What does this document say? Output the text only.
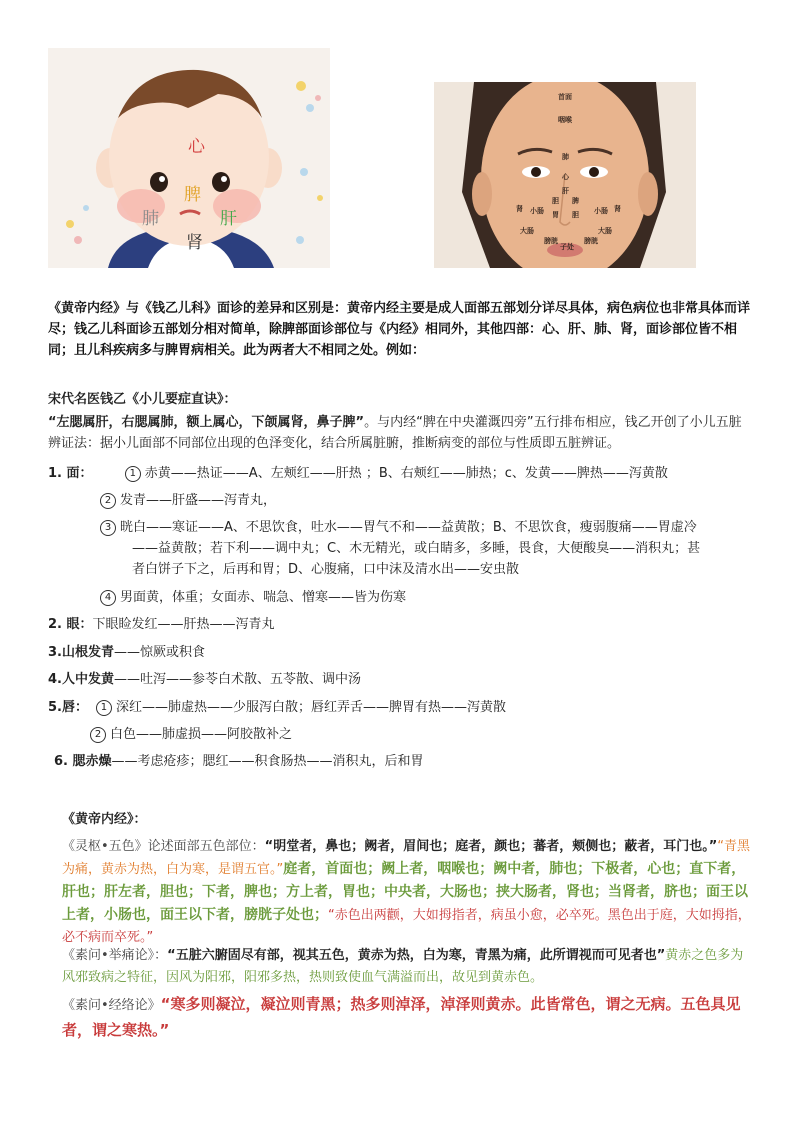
心
脾
肺	肝
肾
首面
咽喉
肺
心
肝
胆 脾
小肠 胃	小肠
肾
大肠
膀胱
大肠
膀胱
肾
胆
子处
《黄帝内经》与《钱乙儿科》面诊的差异和区别是：黄帝内经主要是成人面部五部划分详尽具体，病色病位也非常具体而详尽；钱乙儿科面诊五部划分相对简单，除脾部面诊部位与《内经》相同外，其他四部：心、肝、肺、肾，面诊部位皆不相同；且儿科疾病多与脾胃病相关。此为两者大不相同之处。例如：
宋代名医钱乙《小儿要症直诀》：
“左腮属肝，右腮属肺，额上属心，下颌属肾，鼻子脾”。与内经“脾在中央灌溉四旁”五行排布相应，钱乙开创了小儿五脏辨证法：据小儿面部不同部位出现的色泽变化，结合所属脏腑，推断病变的部位与性质即五脏辨证。
1. 面：	1 赤黄——热证——A、左颊红——肝热 ；B、右颊红——肺热；c、发黄——脾热——泻黄散
2 发青——肝盛——泻青丸，
3 晄白——寒证——A、不思饮食，吐水——胃气不和——益黄散；B、不思饮食，瘦弱腹痛——胃虚冷
——益黄散；若下利——调中丸；C、木无精光，或白睛多，多睡，畏食，大便酸臭——消积丸；甚
者白饼子下之，后再和胃；D、心腹痛，口中沫及清水出——安虫散
4 男面黄，体重；女面赤、喘急、憎寒——皆为伤寒
2. 眼：下眼睑发红——肝热——泻青丸
3.山根发青——惊厥或积食
4.人中发黄——吐泻——参苓白术散、五苓散、调中汤
5.唇： 1 深红——肺虚热——少服泻白散；唇红弄舌——脾胃有热——泻黄散
2 白色——肺虚损——阿胶散补之
6. 腮赤燥——考虑疮疹；腮红——积食肠热——消积丸，后和胃
《黄帝内经》：
《灵枢•五色》论述面部五色部位：“明堂者，鼻也；阙者，眉间也；庭者，颜也；蕃者，颊侧也；蔽者，耳门也。”“青黑为痛，黄赤为热，白为寒，是谓五官。”庭者，首面也；阙上者，咽喉也；阙中者，肺也；下极者，心也；直下者，肝也；肝左者，胆也；下者，脾也；方上者，胃也；中央者，大肠也；挟大肠者，肾也；当肾者，脐也；面王以上者，小肠也，面王以下者，膀胱子处也；“赤色出两颧，大如拇指者，病虽小愈，必卒死。黑色出于庭，大如拇指，必不病而卒死。”
《素问•举痛论》：“五脏六腑固尽有部，视其五色，黄赤为热，白为寒，青黑为痛，此所谓视而可见者也”黄赤之色多为风邪致病之特征，因风为阳邪，阳邪多热，热则致使血气满溢而出，故见到黄赤色。
《素问•经络论》“寒多则凝泣，凝泣则青黑；热多则淖泽，淖泽则黄赤。此皆常色，谓之无病。五色具见者，谓之寒热。”
